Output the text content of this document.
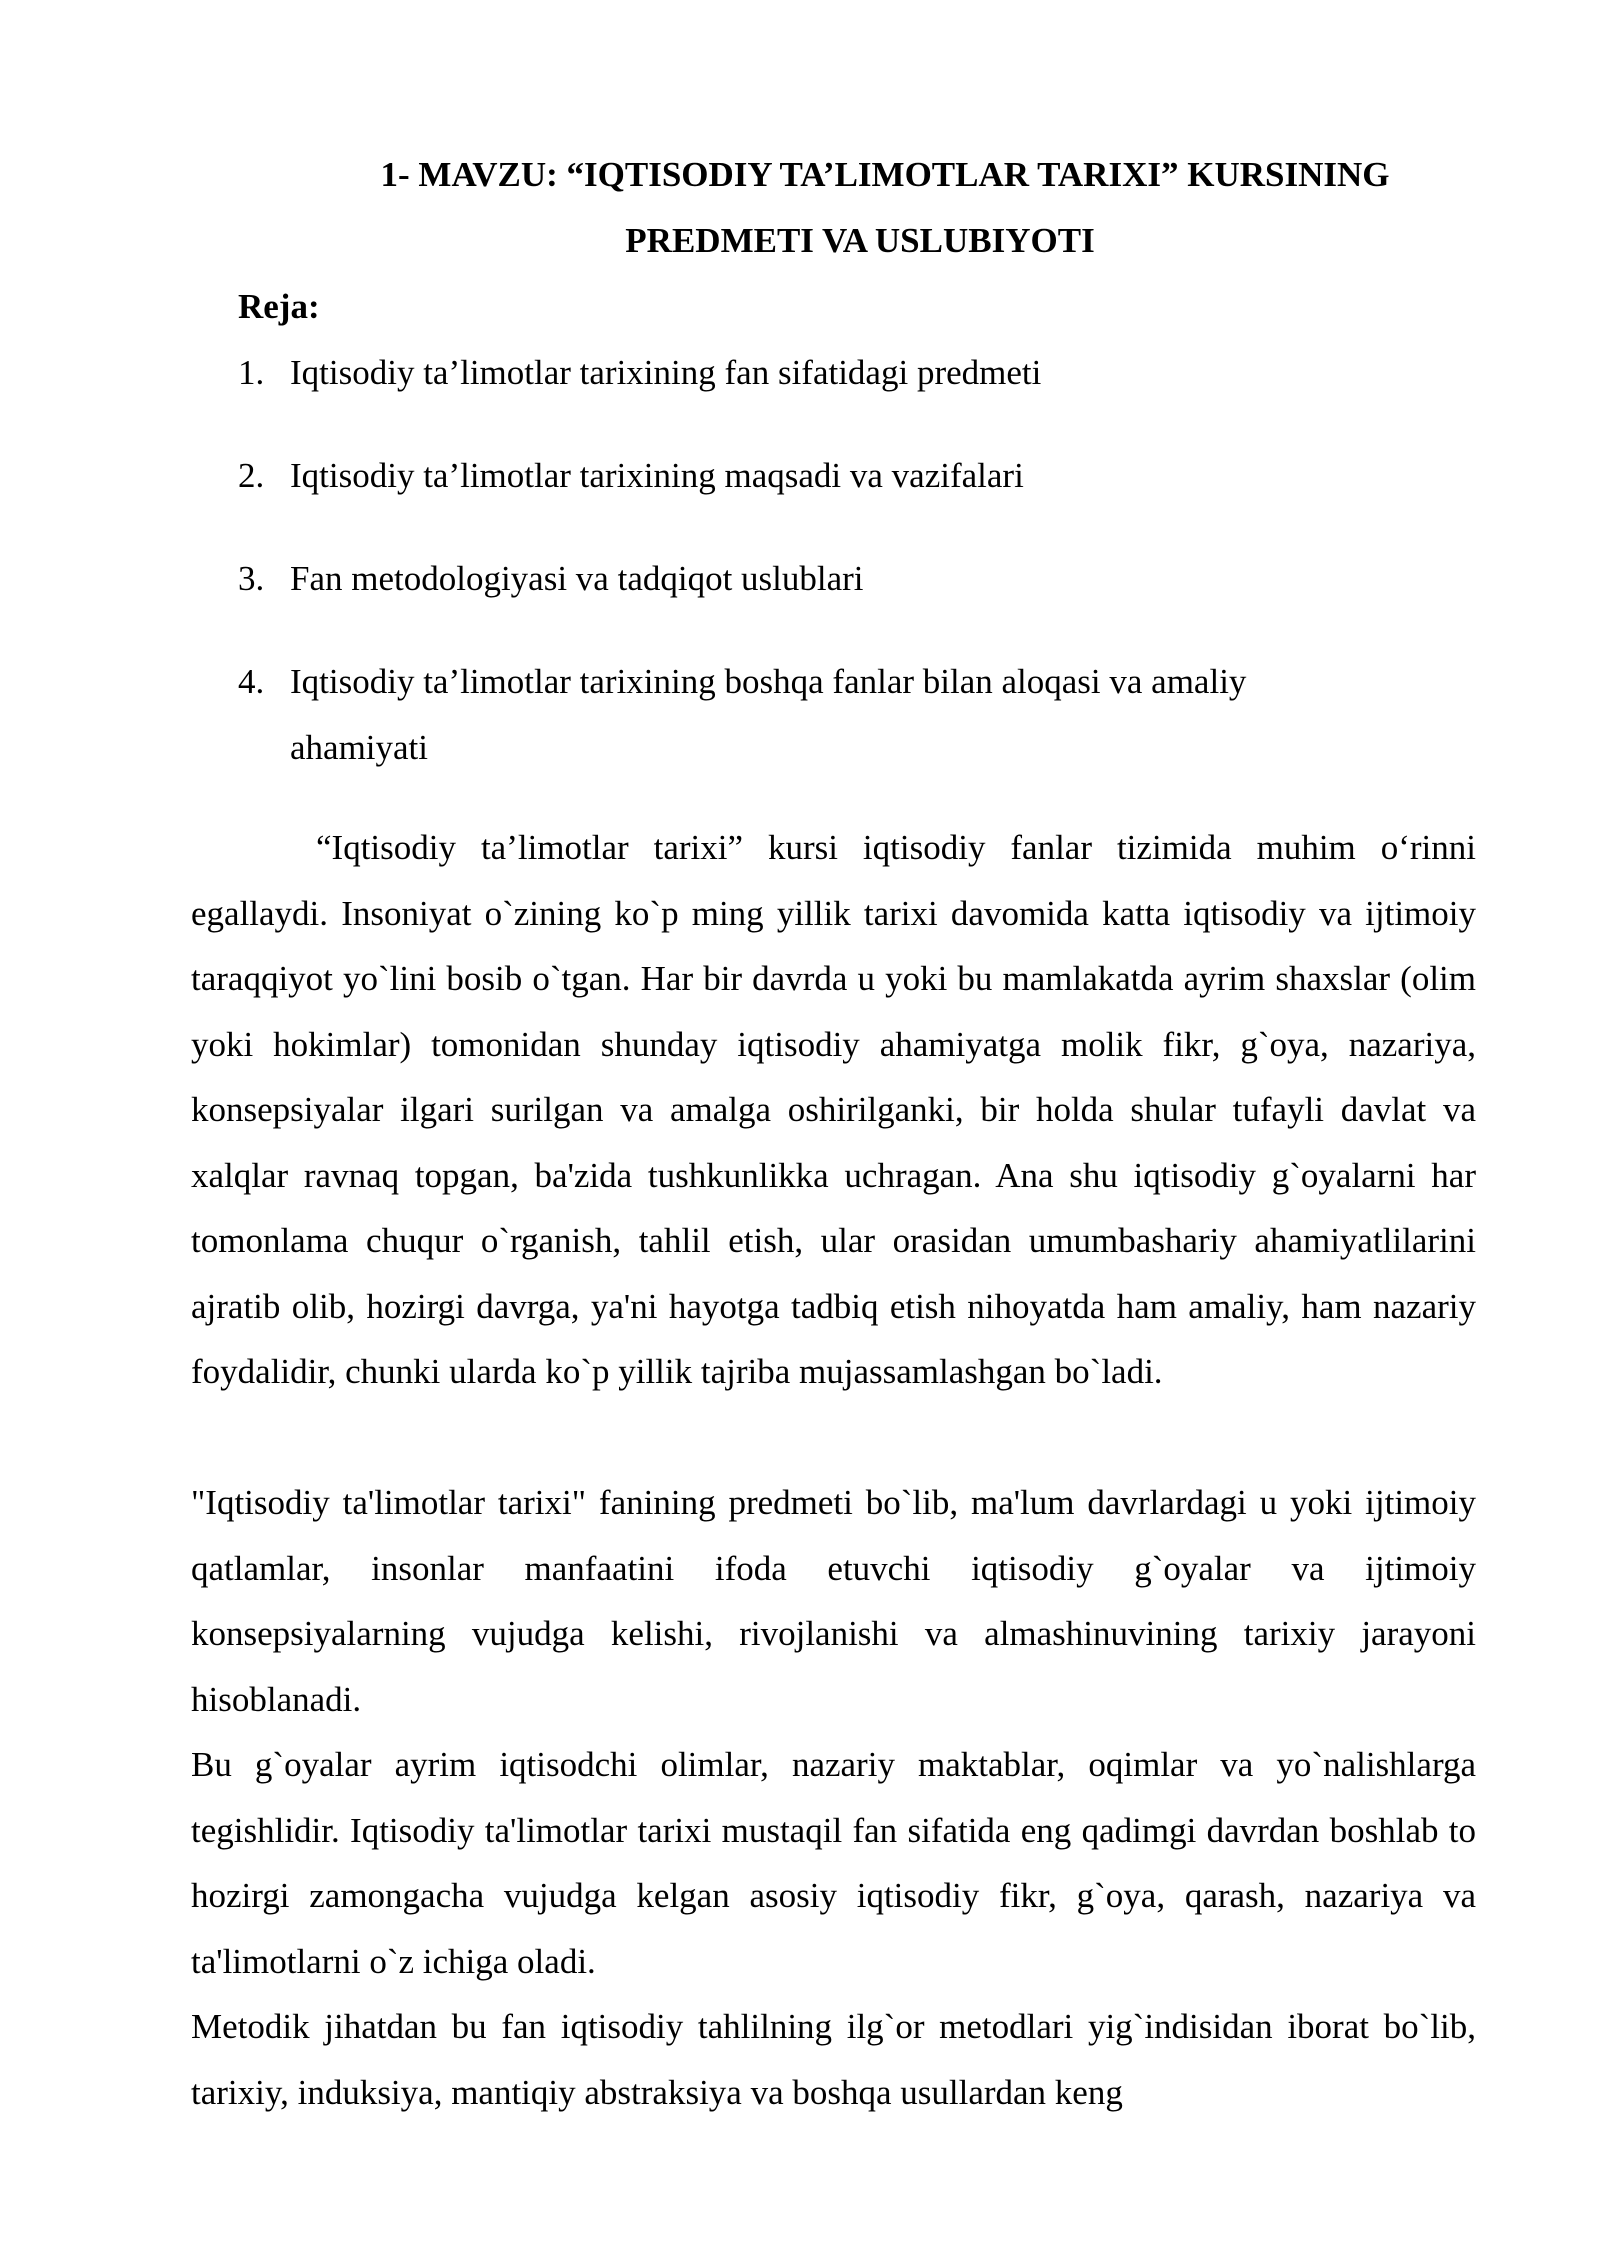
1- MAVZU: “IQTISODIY TA’LIMOTLAR TARIXI” KURSINING

PREDMETI VA USLUBIYOTI

Reja:

1. Iqtisodiy ta’limotlar tarixining fan sifatidagi predmeti
2. Iqtisodiy ta’limotlar tarixining maqsadi va vazifalari
3. Fan metodologiyasi va tadqiqot uslublari
4. Iqtisodiy ta’limotlar tarixining boshqa fanlar bilan aloqasi va amaliy ahamiyati

“Iqtisodiy ta’limotlar tarixi” kursi iqtisodiy fanlar tizimida muhim o‘rinni egallaydi. Insoniyat o`zining ko`p ming yillik tarixi davomida katta iqtisodiy va ijtimoiy taraqqiyot yo`lini bosib o`tgan. Har bir davrda u yoki bu mamlakatda ayrim shaxslar (olim yoki hokimlar) tomonidan shunday iqtisodiy ahamiyatga molik fikr, g`oya, nazariya, konsepsiyalar ilgari surilgan va amalga oshirilganki, bir holda shular tufayli davlat va xalqlar ravnaq topgan, ba'zida tushkunlikka uchragan. Ana shu iqtisodiy g`oyalarni har tomonlama chuqur o`rganish, tahlil etish, ular orasidan umumbashariy ahamiyatlilarini ajratib olib, hozirgi davrga, ya'ni hayotga tadbiq etish nihoyatda ham amaliy, ham nazariy foydalidir, chunki ularda ko`p yillik tajriba mujassamlashgan bo`ladi.

"Iqtisodiy ta'limotlar tarixi" fanining predmeti bo`lib, ma'lum davrlardagi u yoki ijtimoiy qatlamlar, insonlar manfaatini ifoda etuvchi iqtisodiy g`oyalar va ijtimoiy konsepsiyalarning vujudga kelishi, rivojlanishi va almashinuvining tarixiy jarayoni hisoblanadi.

Bu g`oyalar ayrim iqtisodchi olimlar, nazariy maktablar, oqimlar va yo`nalishlarga tegishlidir. Iqtisodiy ta'limotlar tarixi mustaqil fan sifatida eng qadimgi davrdan boshlab to hozirgi zamongacha vujudga kelgan asosiy iqtisodiy fikr, g`oya, qarash, nazariya va ta'limotlarni o`z ichiga oladi.

Metodik jihatdan bu fan iqtisodiy tahlilning ilg`or metodlari yig`indisidan iborat bo`lib, tarixiy, induksiya, mantiqiy abstraksiya va boshqa usullardan keng
